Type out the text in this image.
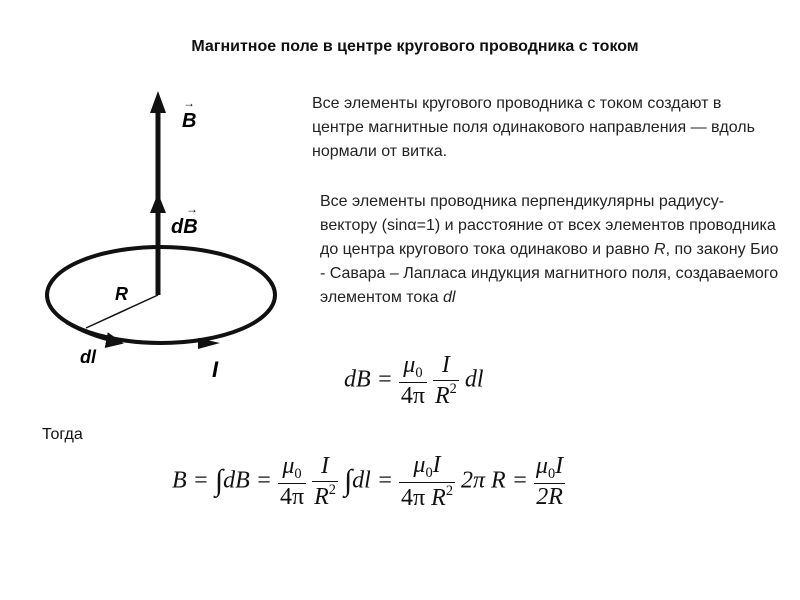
Магнитное поле в центре кругового проводника с током
B
→
dB
→
R
dl	I
Все элементы кругового проводника с током создают в центре магнитные поля одинакового направления — вдоль нормали от витка.
Все элементы проводника перпендикулярны радиусу-вектору (sinα=1) и расстояние от всех элементов проводника до центра кругового тока одинаково и равно R, по закону Био - Савара – Лапласа индукция магнитного поля, создаваемого элементом тока dl
dB = $\frac{\mu_0}{4\pi}$
$\frac{I}{R^2}$ dl
Тогда
$B = \int dB = \frac{\mu_0}{4\pi}$
$\frac{I}{R^2} \int dl = \frac{\mu_0I}{4\pi R^2} 2\pi$ $R = \frac{\mu_0I}{2R}$
